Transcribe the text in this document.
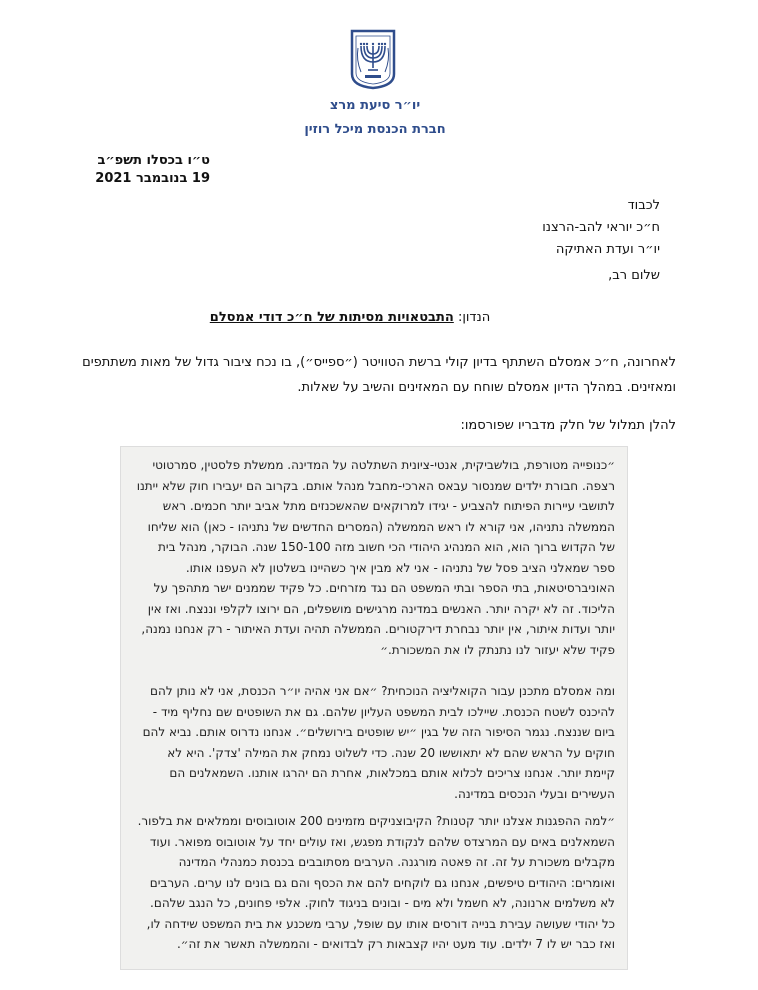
יו״ר סיעת מרצ
חברת הכנסת מיכל רוזין
ט״ו בכסלו תשפ״ב
19 בנובמבר 2021
לכבוד
ח״כ יוראי להב-הרצנו
יו״ר ועדת האתיקה
שלום רב,
הנדון: התבטאויות מסיתות של ח״כ דודי אמסלם
לאחרונה, ח״כ אמסלם השתתף בדיון קולי ברשת הטוויטר (״ספייס״), בו נכח ציבור גדול של מאות משתתפים ומאזינים. במהלך הדיון אמסלם שוחח עם המאזינים והשיב על שאלות.
להלן תמלול של חלק מדבריו שפורסמו:
״כנופייה מטורפת, בולשביקית, אנטי-ציונית השתלטה על המדינה. ממשלת פלסטין, סמרטוטי רצפה. חבורת ילדים שמנסור עבאס הארכי-מחבל מנהל אותם. בקרוב הם יעבירו חוק שלא ייתנו לתושבי עיירות הפיתוח להצביע - יגידו למרוקאים שהאשכנזים מתל אביב יותר חכמים. ראש הממשלה נתניהו, אני קורא לו ראש הממשלה (המסרים החדשים של נתניהו - כאן) הוא שליחו של הקדוש ברוך הוא, הוא המנהיג היהודי הכי חשוב מזה 150-100 שנה. הבוקר, מנהל בית ספר שמאלני הציב פסל של נתניהו - אני לא מבין איך כשהיינו בשלטון לא העפנו אותו. האוניברסיטאות, בתי הספר ובתי המשפט הם נגד מזרחים. כל פקיד שממנים ישר מתהפך על הליכוד. זה לא יקרה יותר. האנשים במדינה מרגישים מושפלים, הם ירוצו לקלפי וננצח. ואז אין יותר ועדות איתור, אין יותר נבחרת דירקטורים. הממשלה תהיה ועדת האיתור - רק אנחנו נמנה, פקיד שלא יעזור לנו נתנתק לו את המשכורת.״
ומה אמסלם מתכנן עבור הקואליציה הנוכחית? ״אם אני אהיה יו״ר הכנסת, אני לא נותן להם להיכנס לשטח הכנסת. שיילכו לבית המשפט העליון שלהם. גם את השופטים שם נחליף מיד - ביום שננצח. נגמר הסיפור הזה של בגין ״יש שופטים בירושלים״. אנחנו נדרוס אותם. נביא להם חוקים על הראש שהם לא יתאוששו 20 שנה. כדי לשלוט נמחק את המילה 'צדק'. היא לא קיימת יותר. אנחנו צריכים לכלוא אותם במכלאות, אחרת הם יהרגו אותנו. השמאלנים הם העשירים ובעלי הנכסים במדינה.
״למה ההפגנות אצלנו יותר קטנות? הקיבוצניקים מזמינים 200 אוטובוסים וממלאים את בלפור. השמאלנים באים עם המרצדס שלהם לנקודת מפגש, ואז עולים יחד על אוטובוס מפואר. ועוד מקבלים משכורת על זה. זה פאטה מורגנה. הערבים מסתובבים בכנסת כמנהלי המדינה ואומרים: היהודים טיפשים, אנחנו גם לוקחים להם את הכסף והם גם בונים לנו ערים. הערבים לא משלמים ארנונה, לא חשמל ולא מים - ובונים בניגוד לחוק. אלפי פחונים, כל הנגב שלהם. כל יהודי שעושה עבירת בנייה דורסים אותו עם שופל, ערבי משכנע את בית המשפט שידחה לו, ואז כבר יש לו 7 ילדים. עוד מעט יהיו קצבאות רק לבדואים - והממשלה תאשר את זה״.
